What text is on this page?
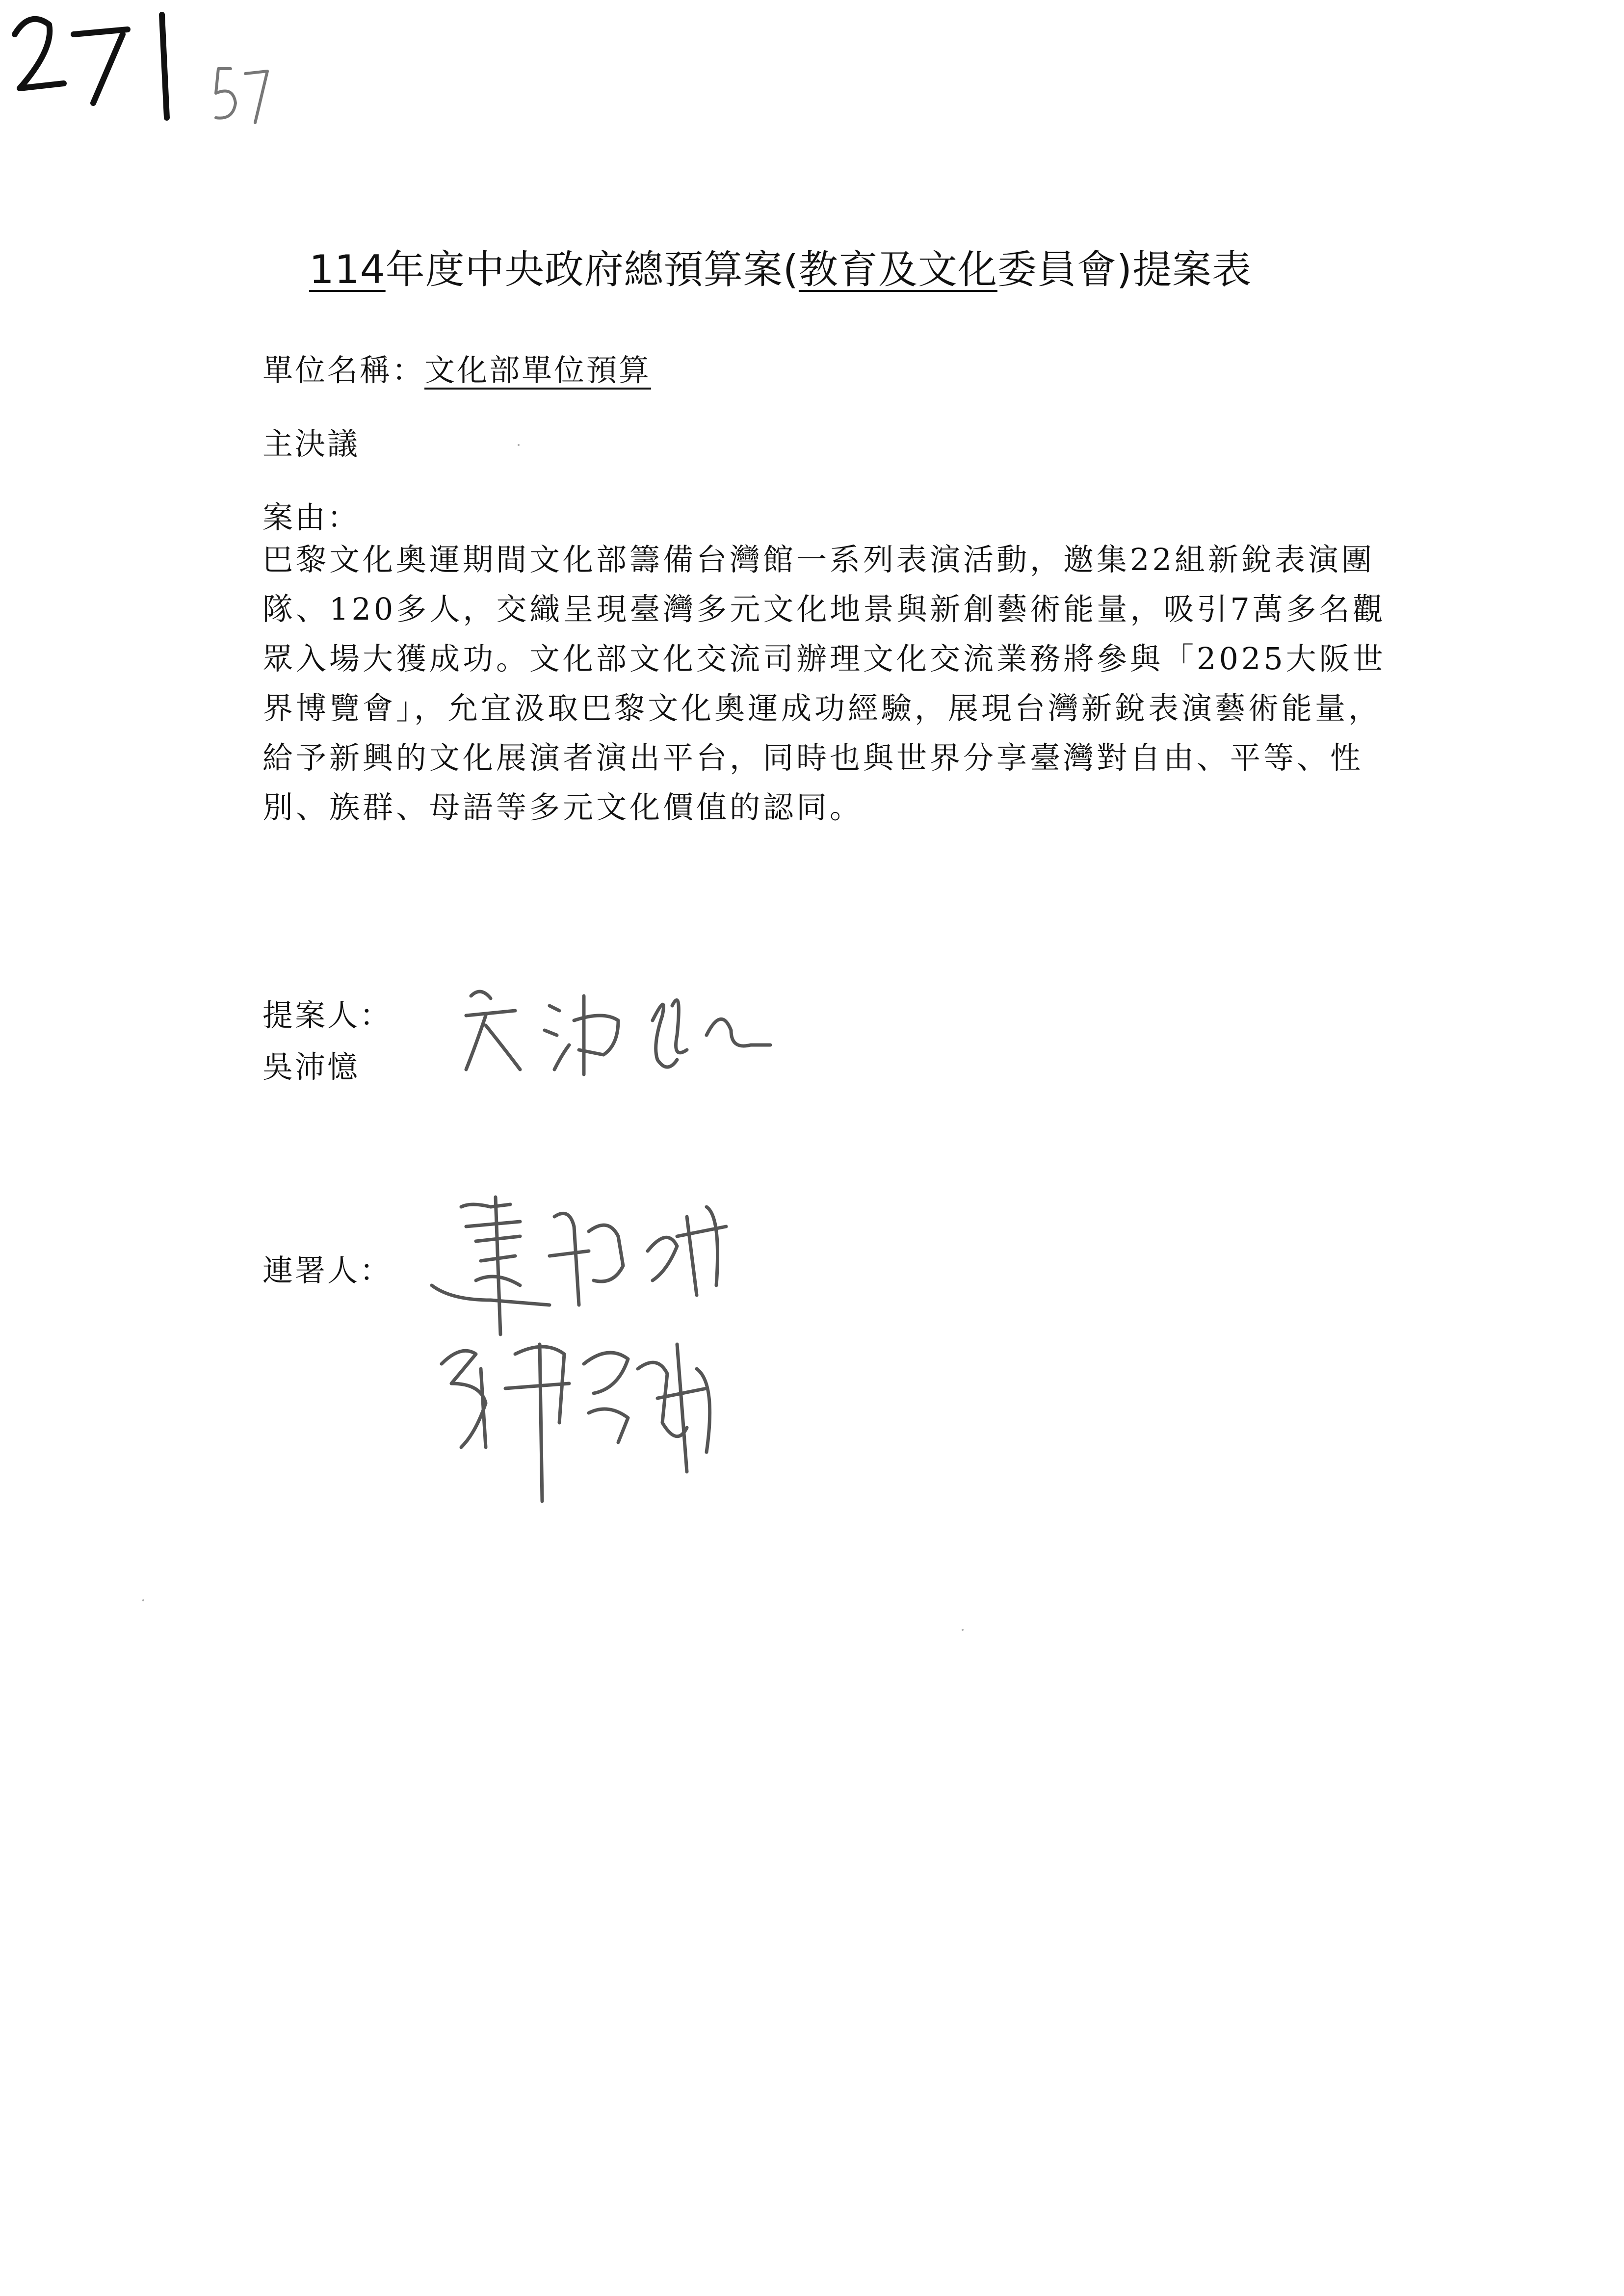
114年度中央政府總預算案(教育及文化委員會)提案表
單位名稱：文化部單位預算
主決議
案由：
巴黎文化奧運期間文化部籌備台灣館一系列表演活動，邀集22組新銳表演團隊、120多人，交織呈現臺灣多元文化地景與新創藝術能量，吸引7萬多名觀眾入場大獲成功。文化部文化交流司辦理文化交流業務將參與「2025大阪世界博覽會」，允宜汲取巴黎文化奧運成功經驗，展現台灣新銳表演藝術能量，給予新興的文化展演者演出平台，同時也與世界分享臺灣對自由、平等、性別、族群、母語等多元文化價值的認同。
提案人：
吳沛憶
連署人：
